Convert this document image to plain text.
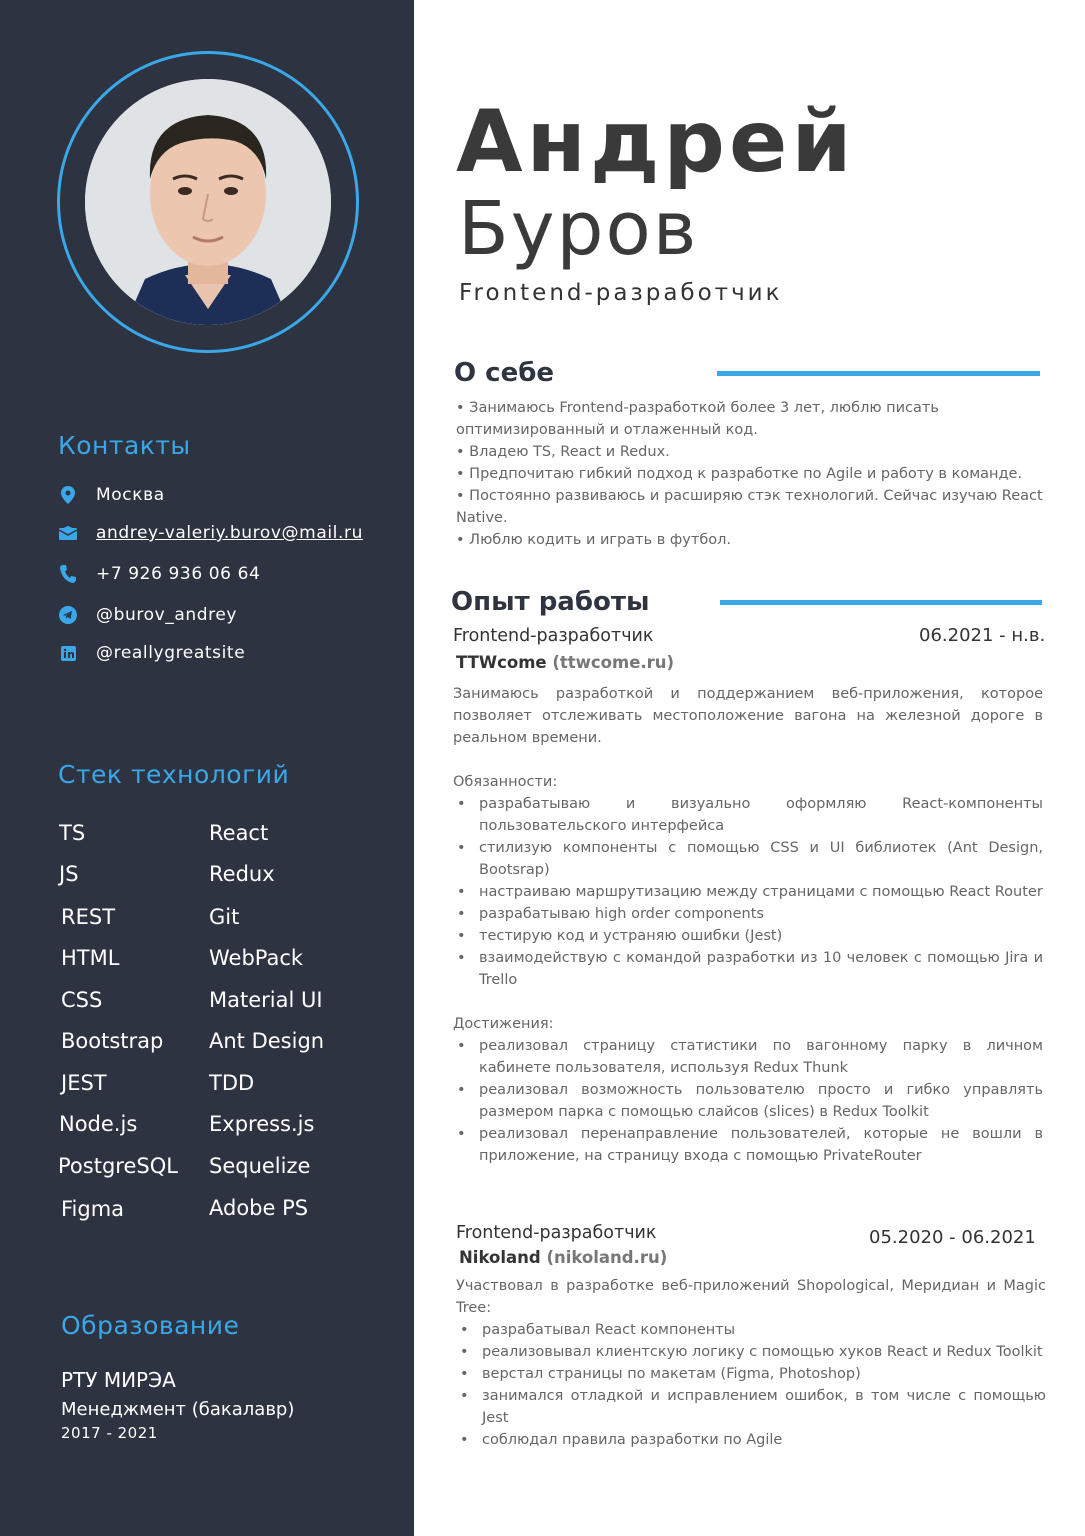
Контакты
Москва
andrey-valeriy.burov@mail.ru
+7 926 936 06 64
@burov_andrey
@reallygreatsite
Стек технологий
TS
JS
REST
HTML
CSS
Bootstrap
JEST
Node.js
PostgreSQL
Figma
React
Redux
Git
WebPack
Material UI
Ant Design
TDD
Express.js
Sequelize
Adobe PS
Образование
РТУ МИРЭА
Менеджмент (бакалавр)
2017 - 2021
Андрей
Буров
Frontend-разработчик
О себе
• Занимаюсь Frontend-разработкой более 3 лет, люблю писать оптимизированный и отлаженный код.
• Владею TS, React и Redux.
• Предпочитаю гибкий подход к разработке по Agile и работу в команде.
• Постоянно развиваюсь и расширяю стэк технологий. Сейчас изучаю React Native.
• Люблю кодить и играть в футбол.
Опыт работы
Frontend-разработчик	06.2021 - н.в.
TTWcome (ttwcome.ru)
Занимаюсь разработкой и поддержанием веб-приложения, которое позволяет отслеживать местоположение вагона на железной дороге в реальном времени.
Обязанности:
• разрабатываю и визуально оформляю React-компоненты пользовательского интерфейса
• стилизую компоненты с помощью CSS и UI библиотек (Ant Design, Bootsrap)
• настраиваю маршрутизацию между страницами с помощью React Router
• разрабатываю high order components
• тестирую код и устраняю ошибки (Jest)
• взаимодействую с командой разработки из 10 человек с помощью Jira и Trello
Достижения:
• реализовал страницу статистики по вагонному парку в личном кабинете пользователя, используя Redux Thunk
• реализовал возможность пользователю просто и гибко управлять размером парка с помощью слайсов (slices) в Redux Toolkit
• реализовал перенаправление пользователей, которые не вошли в приложение, на страницу входа с помощью PrivateRouter
Frontend-разработчик	05.2020 - 06.2021
Nikoland (nikoland.ru)
Участвовал в разработке веб-приложений Shopological, Меридиан и Magic Tree:
• разрабатывал React компоненты
• реализовывал клиентскую логику с помощью хуков React и Redux Toolkit
• верстал страницы по макетам (Figma, Photoshop)
• занимался отладкой и исправлением ошибок, в том числе с помощью Jest
• соблюдал правила разработки по Agile
